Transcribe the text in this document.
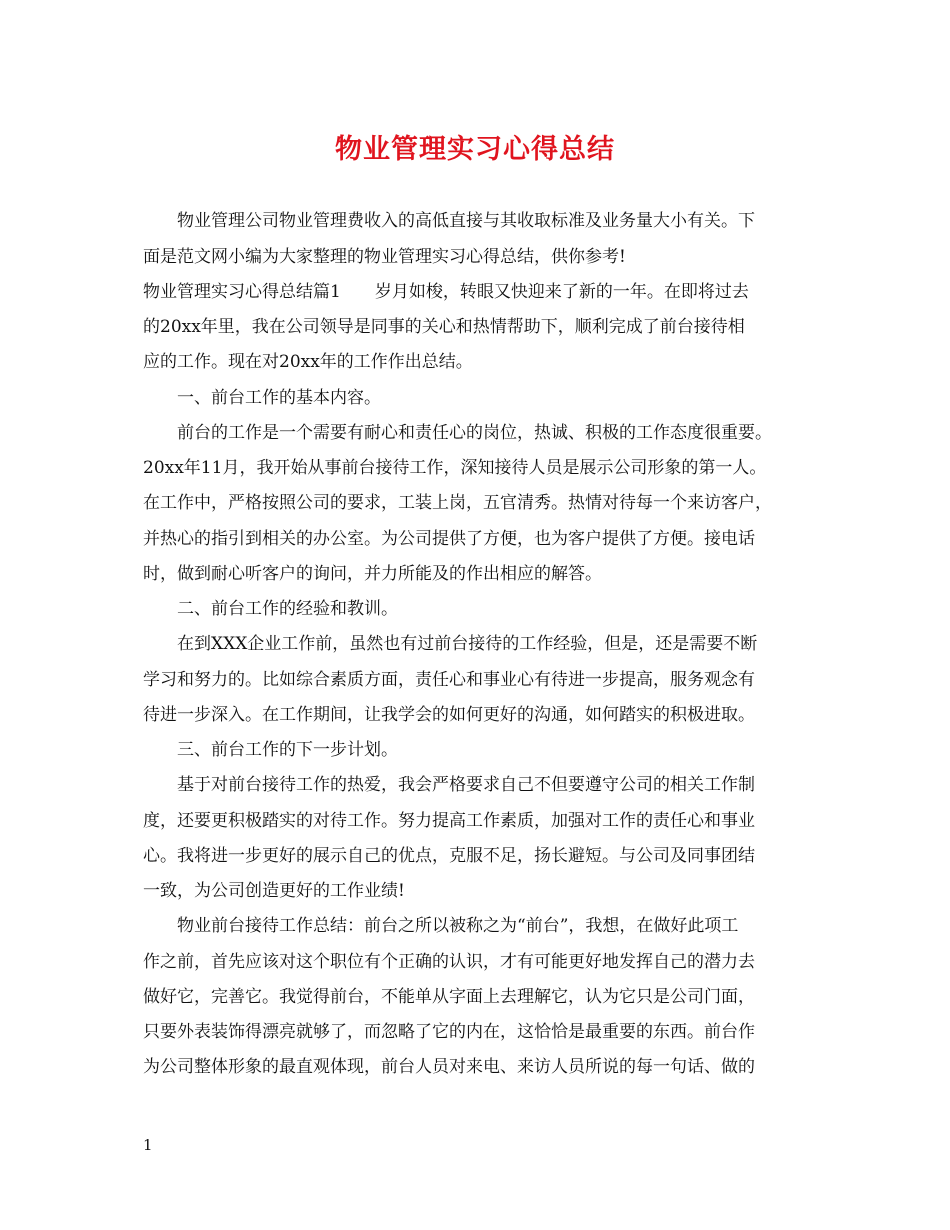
物业管理实习心得总结
　　物业管理公司物业管理费收入的高低直接与其收取标准及业务量大小有关。下
面是范文网小编为大家整理的物业管理实习心得总结，供你参考!
物业管理实习心得总结篇1　　岁月如梭，转眼又快迎来了新的一年。在即将过去
的20xx年里，我在公司领导是同事的关心和热情帮助下，顺利完成了前台接待相
应的工作。现在对20xx年的工作作出总结。
　　一、前台工作的基本内容。
　　前台的工作是一个需要有耐心和责任心的岗位，热诚、积极的工作态度很重要。
20xx年11月，我开始从事前台接待工作，深知接待人员是展示公司形象的第一人。
在工作中，严格按照公司的要求，工装上岗，五官清秀。热情对待每一个来访客户，
并热心的指引到相关的办公室。为公司提供了方便，也为客户提供了方便。接电话
时，做到耐心听客户的询问，并力所能及的作出相应的解答。
　　二、前台工作的经验和教训。
　　在到XXX企业工作前，虽然也有过前台接待的工作经验，但是，还是需要不断
学习和努力的。比如综合素质方面，责任心和事业心有待进一步提高，服务观念有
待进一步深入。在工作期间，让我学会的如何更好的沟通，如何踏实的积极进取。
　　三、前台工作的下一步计划。
　　基于对前台接待工作的热爱，我会严格要求自己不但要遵守公司的相关工作制
度，还要更积极踏实的对待工作。努力提高工作素质，加强对工作的责任心和事业
心。我将进一步更好的展示自己的优点，克服不足，扬长避短。与公司及同事团结
一致，为公司创造更好的工作业绩!
　　物业前台接待工作总结：前台之所以被称之为“前台”，我想，在做好此项工
作之前，首先应该对这个职位有个正确的认识，才有可能更好地发挥自己的潜力去
做好它，完善它。我觉得前台，不能单从字面上去理解它，认为它只是公司门面，
只要外表装饰得漂亮就够了，而忽略了它的内在，这恰恰是最重要的东西。前台作
为公司整体形象的最直观体现，前台人员对来电、来访人员所说的每一句话、做的
1
